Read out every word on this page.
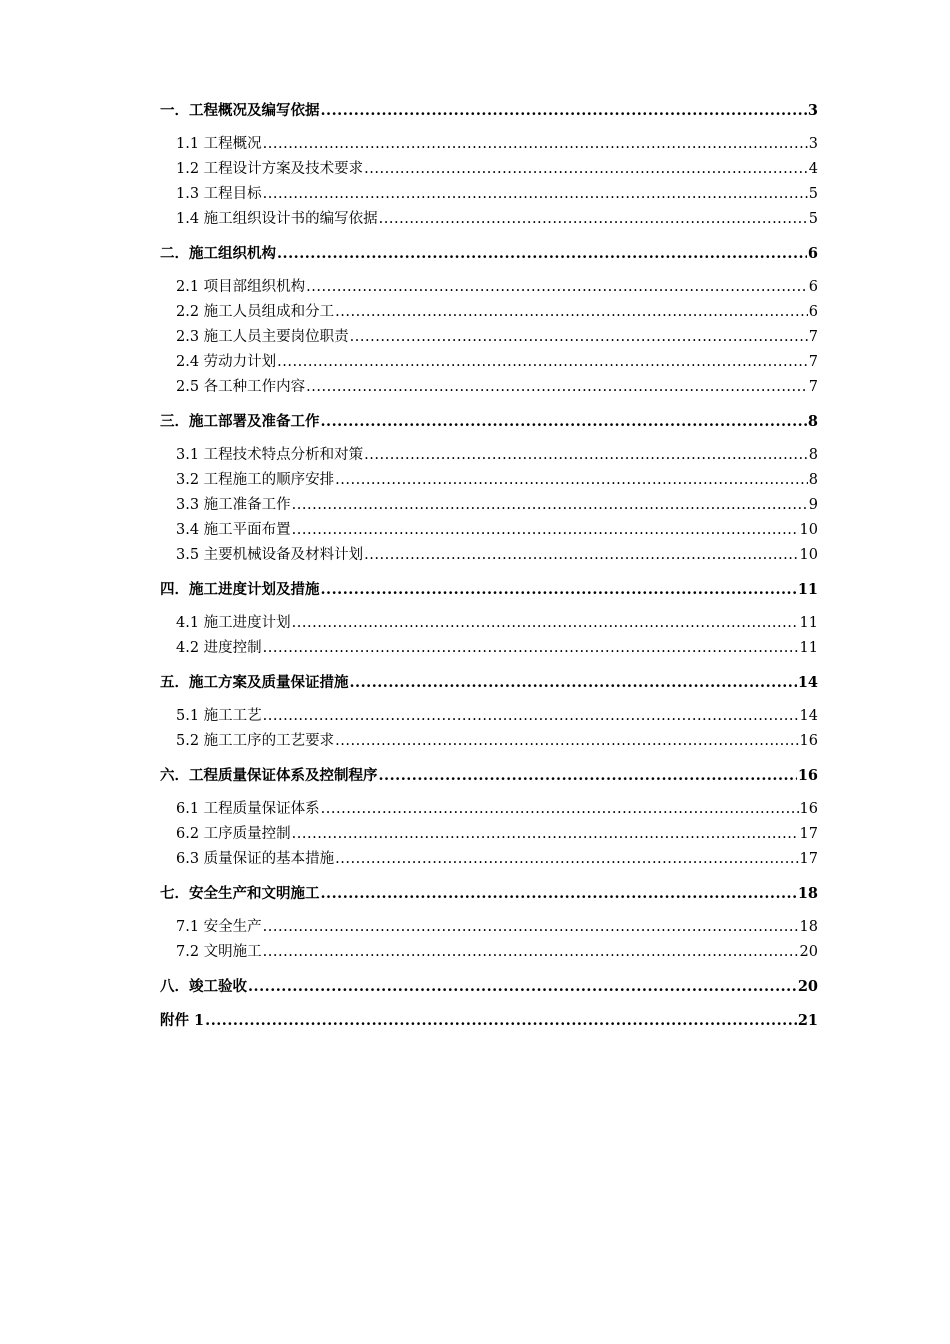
一．工程概况及编写依据 .....	3
1.1 工程概况 .....	3
1.2 工程设计方案及技术要求 .....	4
1.3 工程目标 .....	5
1.4 施工组织设计书的编写依据 .....	5
二．施工组织机构 .....	6
2.1 项目部组织机构 .....	6
2.2 施工人员组成和分工 .....	6
2.3 施工人员主要岗位职责 .....	7
2.4 劳动力计划 .....	7
2.5 各工种工作内容 .....	7
三．施工部署及准备工作 .....	8
3.1 工程技术特点分析和对策 .....	8
3.2 工程施工的顺序安排 .....	8
3.3 施工准备工作 .....	9
3.4 施工平面布置 .....	10
3.5 主要机械设备及材料计划 .....	10
四．施工进度计划及措施 .....	11
4.1 施工进度计划 .....	11
4.2 进度控制 .....	11
五．施工方案及质量保证措施 .....	14
5.1 施工工艺 .....	14
5.2 施工工序的工艺要求 .....	16
六．工程质量保证体系及控制程序 .....	16
6.1 工程质量保证体系 .....	16
6.2 工序质量控制 .....	17
6.3 质量保证的基本措施 .....	17
七．安全生产和文明施工 .....	18
7.1 安全生产 .....	18
7.2 文明施工 .....	20
八．竣工验收 .....	20
附件 1 .....	21
